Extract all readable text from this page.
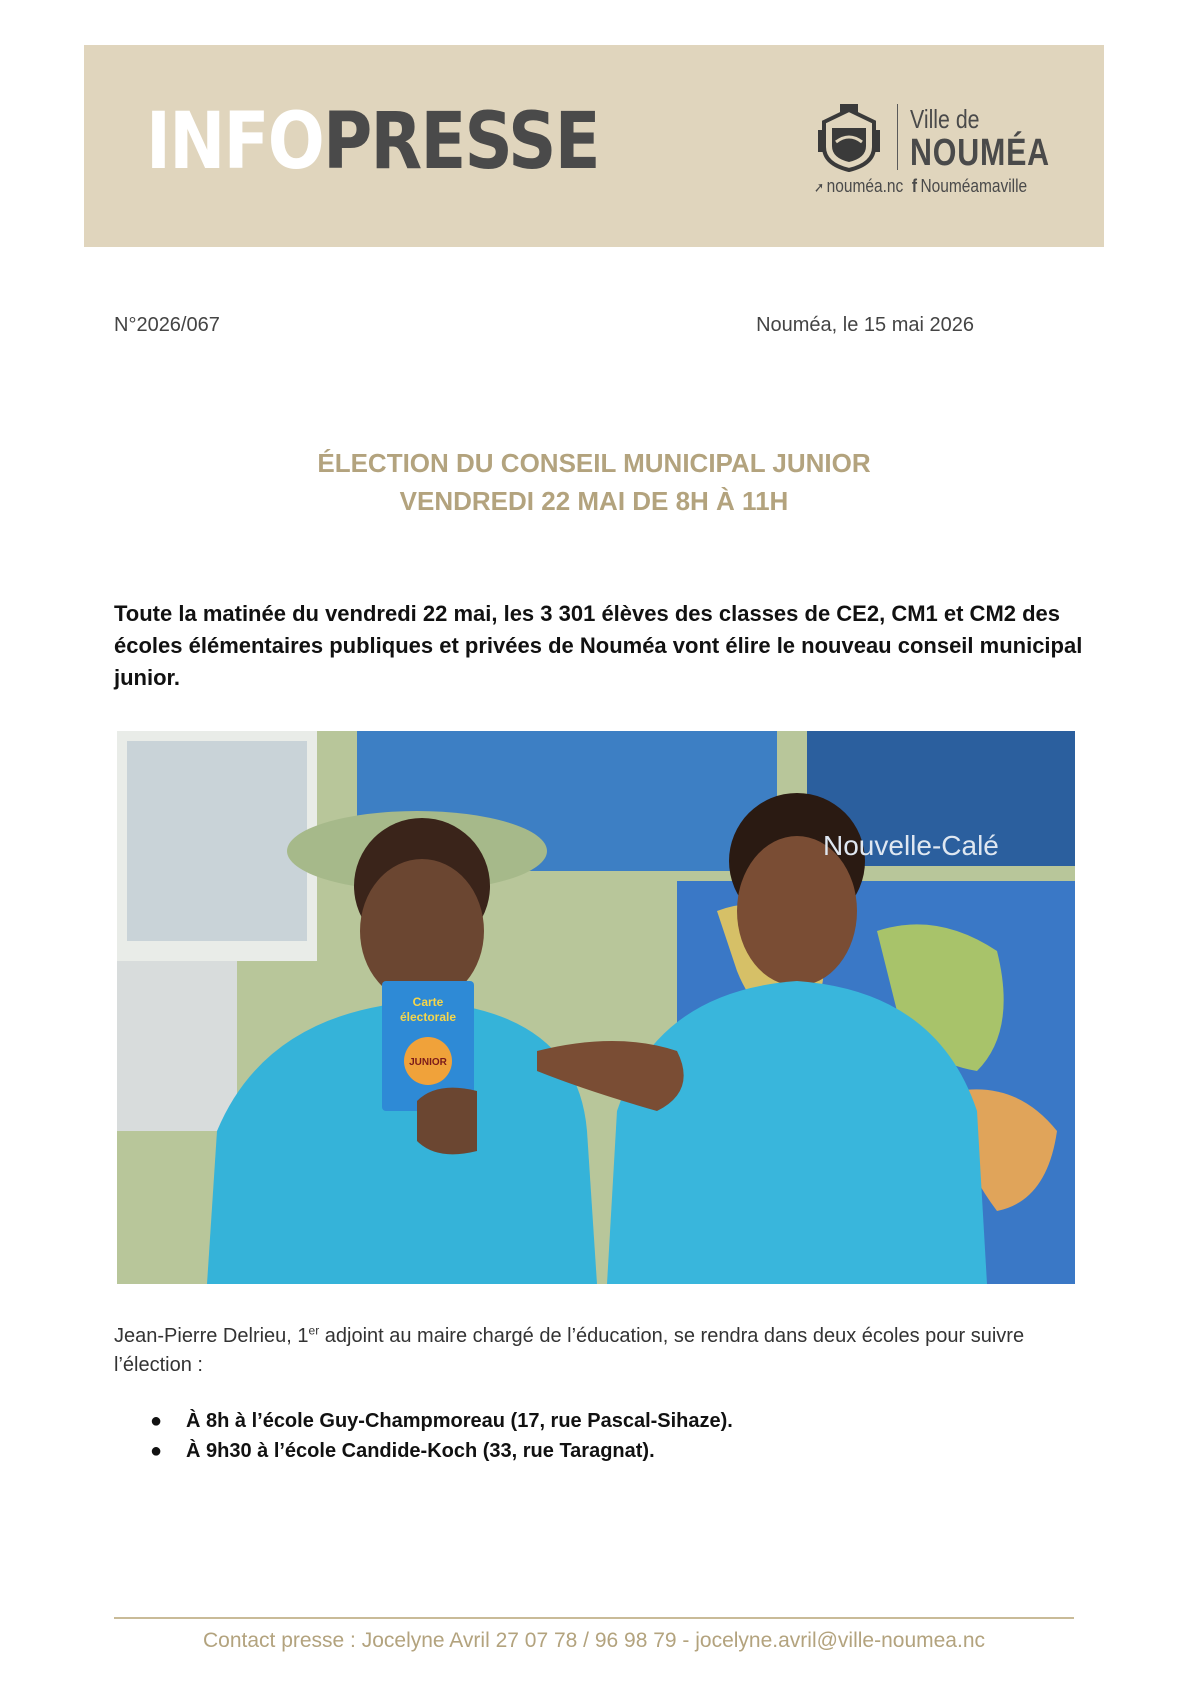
INFOPRESSE	Ville de
NOUMÉA
➚ nouméa.nc f Nouméamaville
N°2026/067	Nouméa, le 15 mai 2026
ÉLECTION DU CONSEIL MUNICIPAL JUNIOR
VENDREDI 22 MAI DE 8H À 11H
Toute la matinée du vendredi 22 mai, les 3 301 élèves des classes de CE2, CM1 et CM2 des écoles élémentaires publiques et privées de Nouméa vont élire le nouveau conseil municipal junior.
Carte
électorale
JUNIOR
Nouvelle-Calé
Jean-Pierre Delrieu, 1er adjoint au maire chargé de l’éducation, se rendra dans deux écoles pour suivre l’élection :
● À 8h à l’école Guy-Champmoreau (17, rue Pascal-Sihaze).
● À 9h30 à l’école Candide-Koch (33, rue Taragnat).
Contact presse : Jocelyne Avril 27 07 78 / 96 98 79 - jocelyne.avril@ville-noumea.nc
